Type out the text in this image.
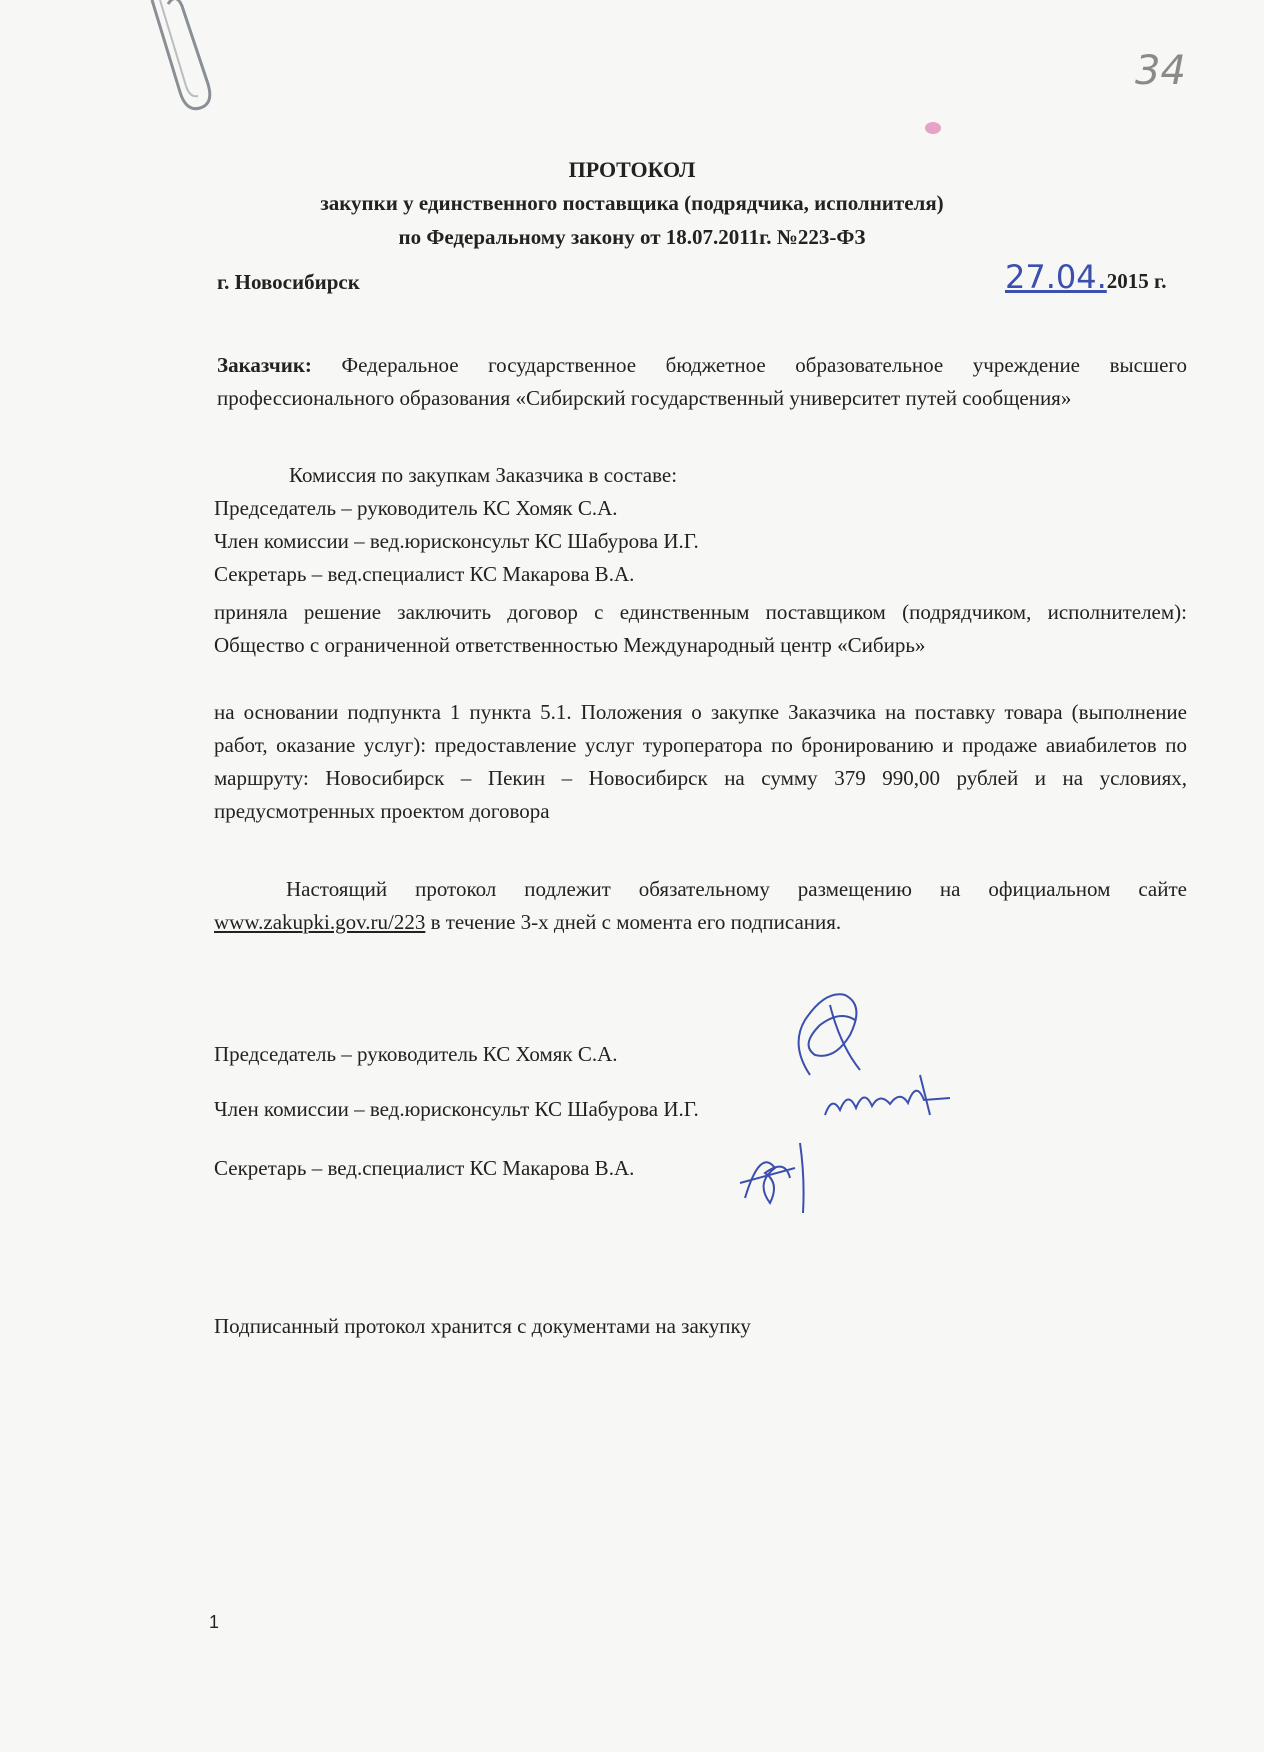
34
ПРОТОКОЛ
закупки у единственного поставщика (подрядчика, исполнителя)
по Федеральному закону от 18.07.2011г. №223-ФЗ
г. Новосибирск	27.04.2015 г.
Заказчик: Федеральное государственное бюджетное образовательное учреждение высшего профессионального образования «Сибирский государственный университет путей сообщения»
Комиссия по закупкам Заказчика в составе:
Председатель – руководитель КС Хомяк С.А.
Член комиссии – вед.юрисконсульт КС Шабурова И.Г.
Секретарь – вед.специалист КС Макарова В.А.
приняла решение заключить договор с единственным поставщиком (подрядчиком, исполнителем): Общество с ограниченной ответственностью Международный центр «Сибирь»
на основании подпункта 1 пункта 5.1. Положения о закупке Заказчика на поставку товара (выполнение работ, оказание услуг): предоставление услуг туроператора по бронированию и продаже авиабилетов по маршруту: Новосибирск – Пекин – Новосибирск на сумму 379 990,00 рублей и на условиях, предусмотренных проектом договора
Настоящий протокол подлежит обязательному размещению на официальном сайте www.zakupki.gov.ru/223 в течение 3-х дней с момента его подписания.
Председатель – руководитель КС Хомяк С.А.
Член комиссии – вед.юрисконсульт КС Шабурова И.Г.
Секретарь – вед.специалист КС Макарова В.А.
Подписанный протокол хранится с документами на закупку
1
